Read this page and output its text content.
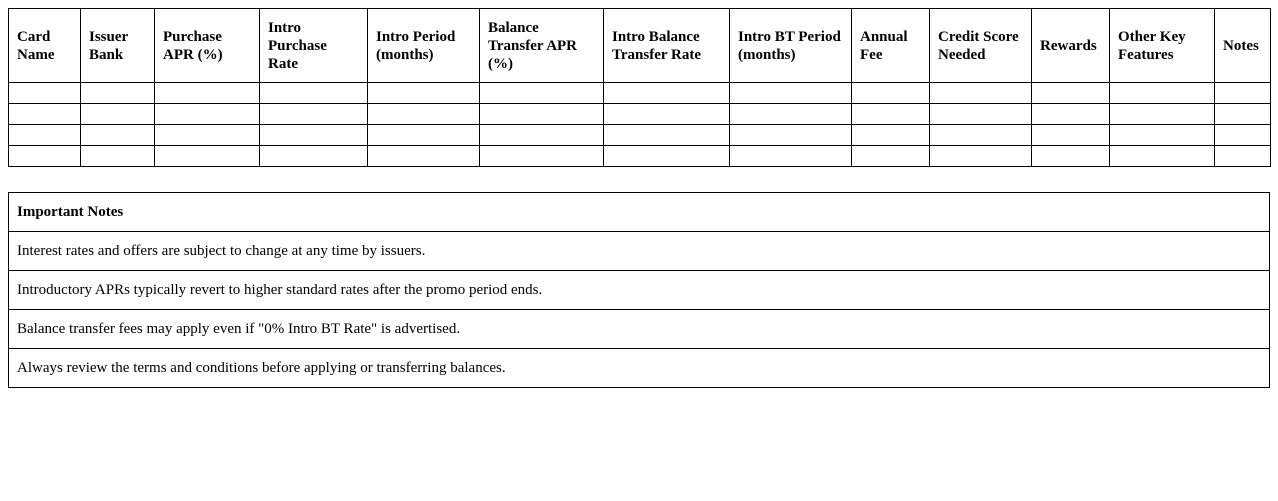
Card Name	Issuer Bank	Purchase APR (%)	Intro Purchase Rate	Intro Period (months)	Balance Transfer APR (%)	Intro Balance Transfer Rate	Intro BT Period (months)	Annual Fee	Credit Score Needed	Rewards	Other Key Features	Notes

Important Notes
Interest rates and offers are subject to change at any time by issuers.
Introductory APRs typically revert to higher standard rates after the promo period ends.
Balance transfer fees may apply even if "0% Intro BT Rate" is advertised.
Always review the terms and conditions before applying or transferring balances.
